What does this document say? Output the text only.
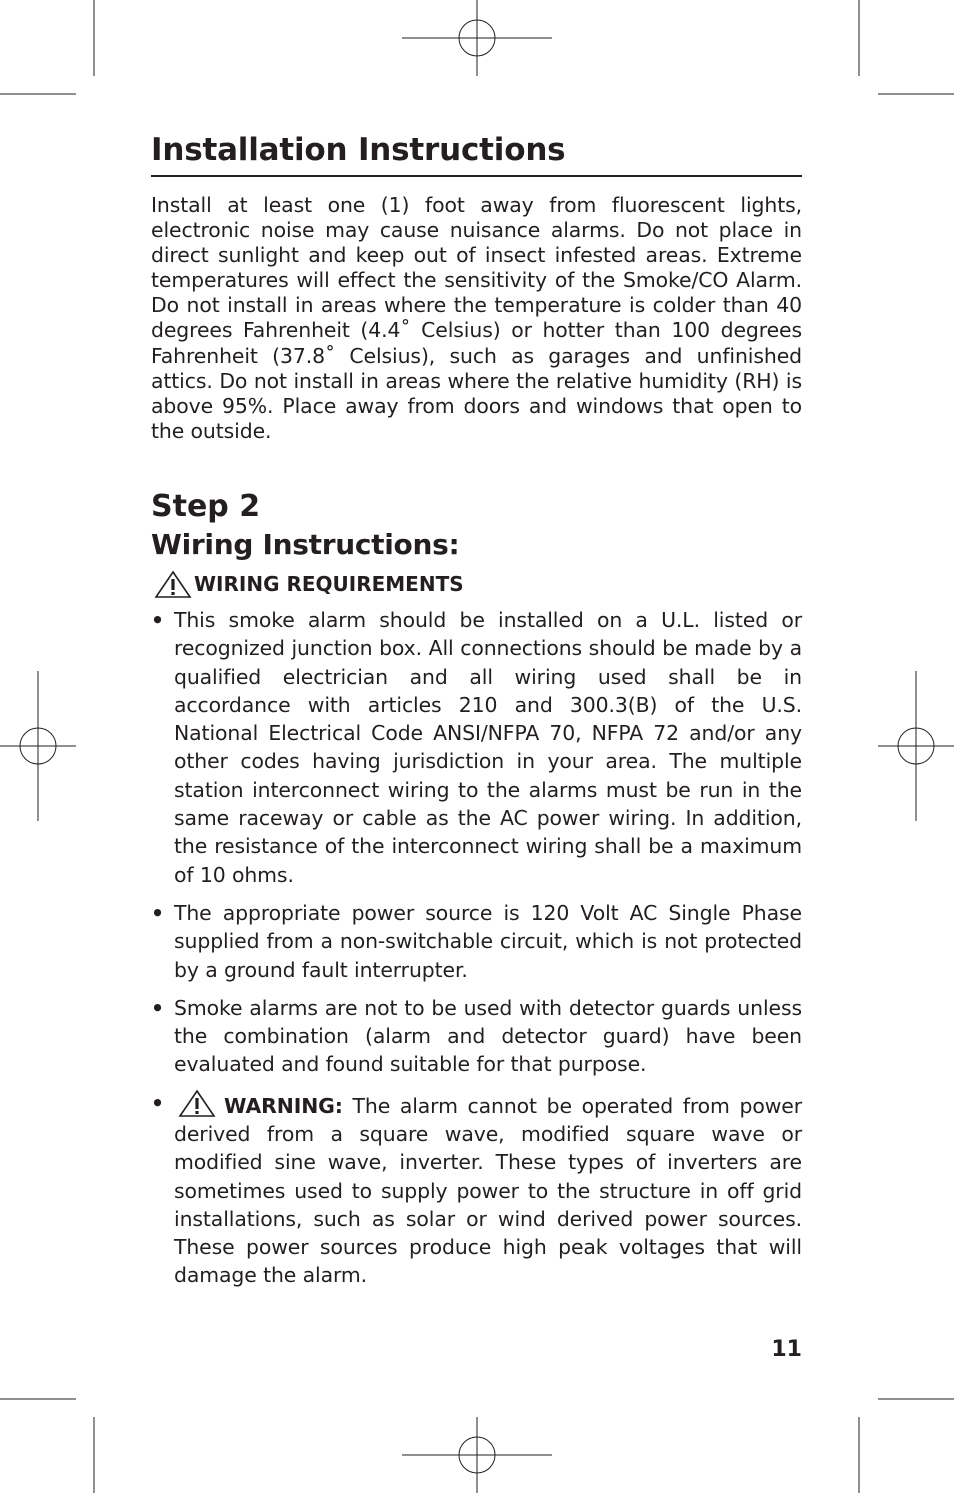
Installation Instructions

Install at least one (1) foot away from fluorescent lights, electronic noise may cause nuisance alarms. Do not place in direct sunlight and keep out of insect infested areas. Extreme temperatures will effect the sensitivity of the Smoke/CO Alarm. Do not install in areas where the temperature is colder than 40 degrees Fahrenheit (4.4˚ Celsius) or hotter than 100 degrees Fahrenheit (37.8˚ Celsius), such as garages and unfinished attics. Do not install in areas where the relative humidity (RH) is above 95%. Place away from doors and windows that open to the outside.

Step 2
Wiring Instructions:
WIRING REQUIREMENTS
• This smoke alarm should be installed on a U.L. listed or recognized junction box. All connections should be made by a qualified electrician and all wiring used shall be in accordance with articles 210 and 300.3(B) of the U.S. National Electrical Code ANSI/NFPA 70, NFPA 72 and/or any other codes having jurisdiction in your area. The multiple station interconnect wiring to the alarms must be run in the same raceway or cable as the AC power wiring. In addition, the resistance of the interconnect wiring shall be a maximum of 10 ohms.
• The appropriate power source is 120 Volt AC Single Phase supplied from a non-switchable circuit, which is not protected by a ground fault interrupter.
• Smoke alarms are not to be used with detector guards unless the combination (alarm and detector guard) have been evaluated and found suitable for that purpose.
•	WARNING: The alarm cannot be operated from power derived from a square wave, modified square wave or modified sine wave, inverter. These types of inverters are sometimes used to supply power to the structure in off grid installations, such as solar or wind derived power sources. These power sources produce high peak voltages that will damage the alarm.
11
